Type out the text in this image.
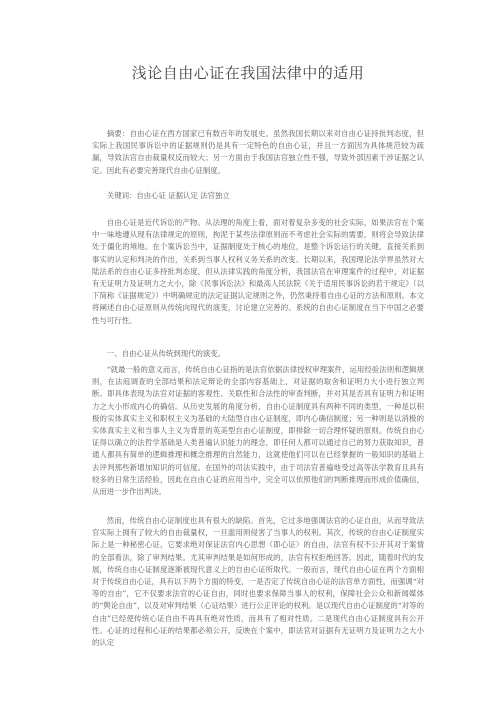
浅论自由心证在我国法律中的适用

摘要：自由心证在西方国家已有数百年的发展史。虽然我国长期以来对自由心证持批判态度，但实际上我国民事诉讼中的证据规则仍是具有一定特色的自由心证，并且一方面因为具体规范较为疏漏，导致法官自由裁量权反而较大；另一方面由于我国法官独立性不强，导致外部因素干涉证据之认定。因此有必要完善现代自由心证制度。

关键词：自由心证 证据认定 法官独立

自由心证是近代诉讼的产物。从法理的角度上看，面对着复杂多变的社会实际，如果法官在个案中一味地遵从现有法律规定的原则，拘泥于某些法律原则而不考虑社会实际的需要，则将会导致法律处于僵化的境地。在个案诉讼当中，证据制度处于核心的地位，是整个诉讼运行的关键，直接关系到事实的认定和判决的作出，关系到当事人权利义务关系的改变。长期以来，我国理论法学界虽然对大陆法系的自由心证多持批判态度，但从法律实践的角度分析，我国法官在审理案件的过程中，对证据有无证明力及证明力之大小，除《民事诉讼法》和最高人民法院《关于适用民事诉讼的若干规定》（以下简称《证据规定》）中明确规定的法定证据认定规则之外，仍然秉持着自由心证的方法和原则。本文将阐述自由心证原则从传统向现代的演变，讨论建立完善的、系统的自由心证制度在当下中国之必要性与可行性。

一、自由心证从传统到现代的演变。

“就最一般的意义而言，传统自由心证指的是法官依据法律授权审理案件，运用经验法则和逻辑规则，在法庭调查的全部结果和法定辩论的全部内容基础上，对证据的取舍和证明力大小进行独立判断。即具体表现为法官对证据的客观性、关联性和合法性的审查判断，并对其是否具有证明力和证明力之大小形成内心的确信。从历史发展的角度分析，自由心证制度具有两种不同的类型，一种是以积极的实体真实主义和职权主义为基础的大陆型自由心证制度，即内心确信制度；另一种则是以消极的实体真实主义和当事人主义为背景的英美型自由心证制度，即排除一切合理怀疑的原则。传统自由心证得以确立的法哲学基础是人类普遍认识能力的理念，即任何人都可以通过自己的努力获取知识，普通人都具有简单的逻辑推理和概念推理的自然能力，这就使他们可以在已经掌握的一般知识的基础上去评判那些新增加知识的可信度。在国外的司法实践中，由于司法官普遍地受过高等法学教育且具有较多的日常生活经验，因此在自由心证的应用当中，完全可以依照他们的判断推理而形成价值确信，从而进一步作出判决。

然而，传统自由心证制度也具有很大的缺陷。首先，它过多地强调法官的心证自由，从而导致法官实际上拥有了较大的自由裁量权，一旦滥用则侵害了当事人的权利。其次，传统的自由心证制度实际上是一种秘密心证，它要求绝对保证法官内心思想（即心证）的自由，法官有权不公开其对于案情的全部看法，除了审判结果。尤其审判结果是如何形成的，法官有权拒绝回答。因此，随着时代的发展，传统自由心证制度逐渐被现代意义上的自由心证所取代。一般而言，现代自由心证在两个方面相对于传统自由心证，具有以下两个方面的特变，一是否定了传统自由心证的法官单方面性，而强调“对等的自由”，它不仅要求法官的心证自由，同时也要求保障当事人的权利，保障社会公众和新闻媒体的“舆论自由”，以及对审判结果（心证结果）进行公正评论的权利。是以现代自由心证制度的“对等的自由”已经使传统心证自由不再具有绝对性质，而具有了相对性质。二是现代自由心证制度具有公开性。心证的过程和心证的结果都必须公开，反映在个案中，即法官对证据有无证明力及证明力之大小的认定
